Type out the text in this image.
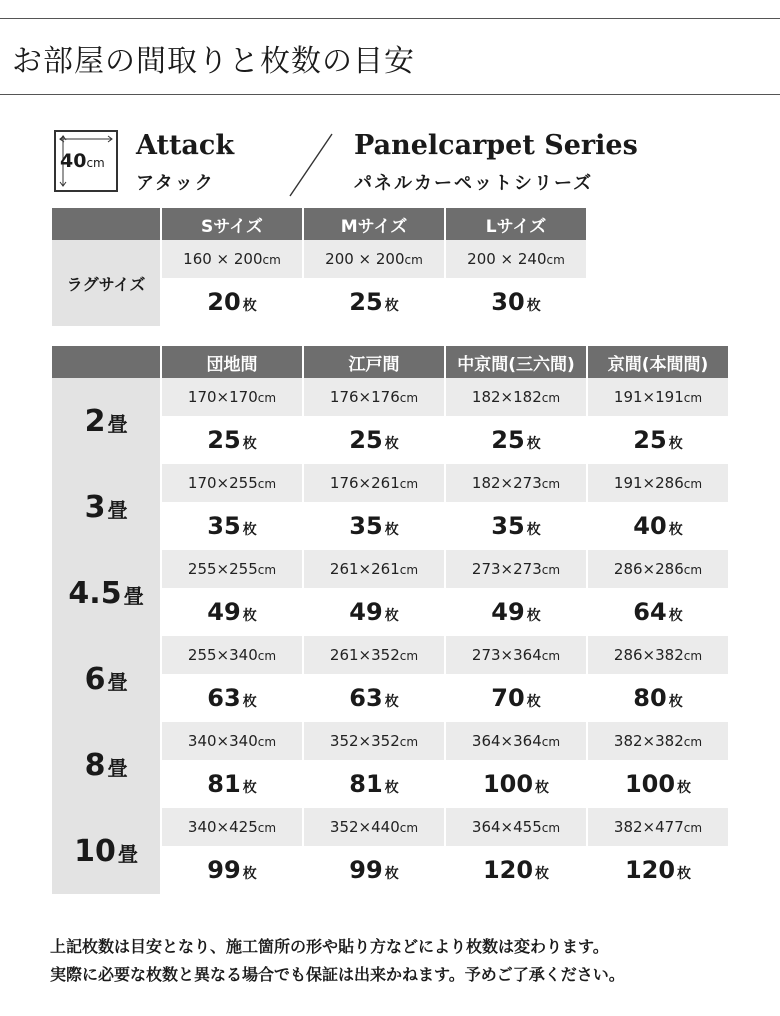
お部屋の間取りと枚数の目安
40cm
Attack
アタック
Panelcarpet Series
パネルカーペットシリーズ
	Sサイズ	Mサイズ	Lサイズ
ラグサイズ	160 × 200cm	200 × 200cm	200 × 240cm
	20 枚	25 枚	30 枚
	団地間	江戸間	中京間(三六間)	京間(本間間)
2 畳	170×170cm	176×176cm	182×182cm	191×191cm
	25 枚	25 枚	25 枚	25 枚
3 畳	170×255cm	176×261cm	182×273cm	191×286cm
	35 枚	35 枚	35 枚	40 枚
4.5 畳	255×255cm	261×261cm	273×273cm	286×286cm
	49 枚	49 枚	49 枚	64 枚
6 畳	255×340cm	261×352cm	273×364cm	286×382cm
	63 枚	63 枚	70 枚	80 枚
8 畳	340×340cm	352×352cm	364×364cm	382×382cm
	81 枚	81 枚	100 枚	100 枚
10 畳	340×425cm	352×440cm	364×455cm	382×477cm
	99 枚	99 枚	120 枚	120 枚
上記枚数は目安となり、施工箇所の形や貼り方などにより枚数は変わります。
実際に必要な枚数と異なる場合でも保証は出来かねます。予めご了承ください。
